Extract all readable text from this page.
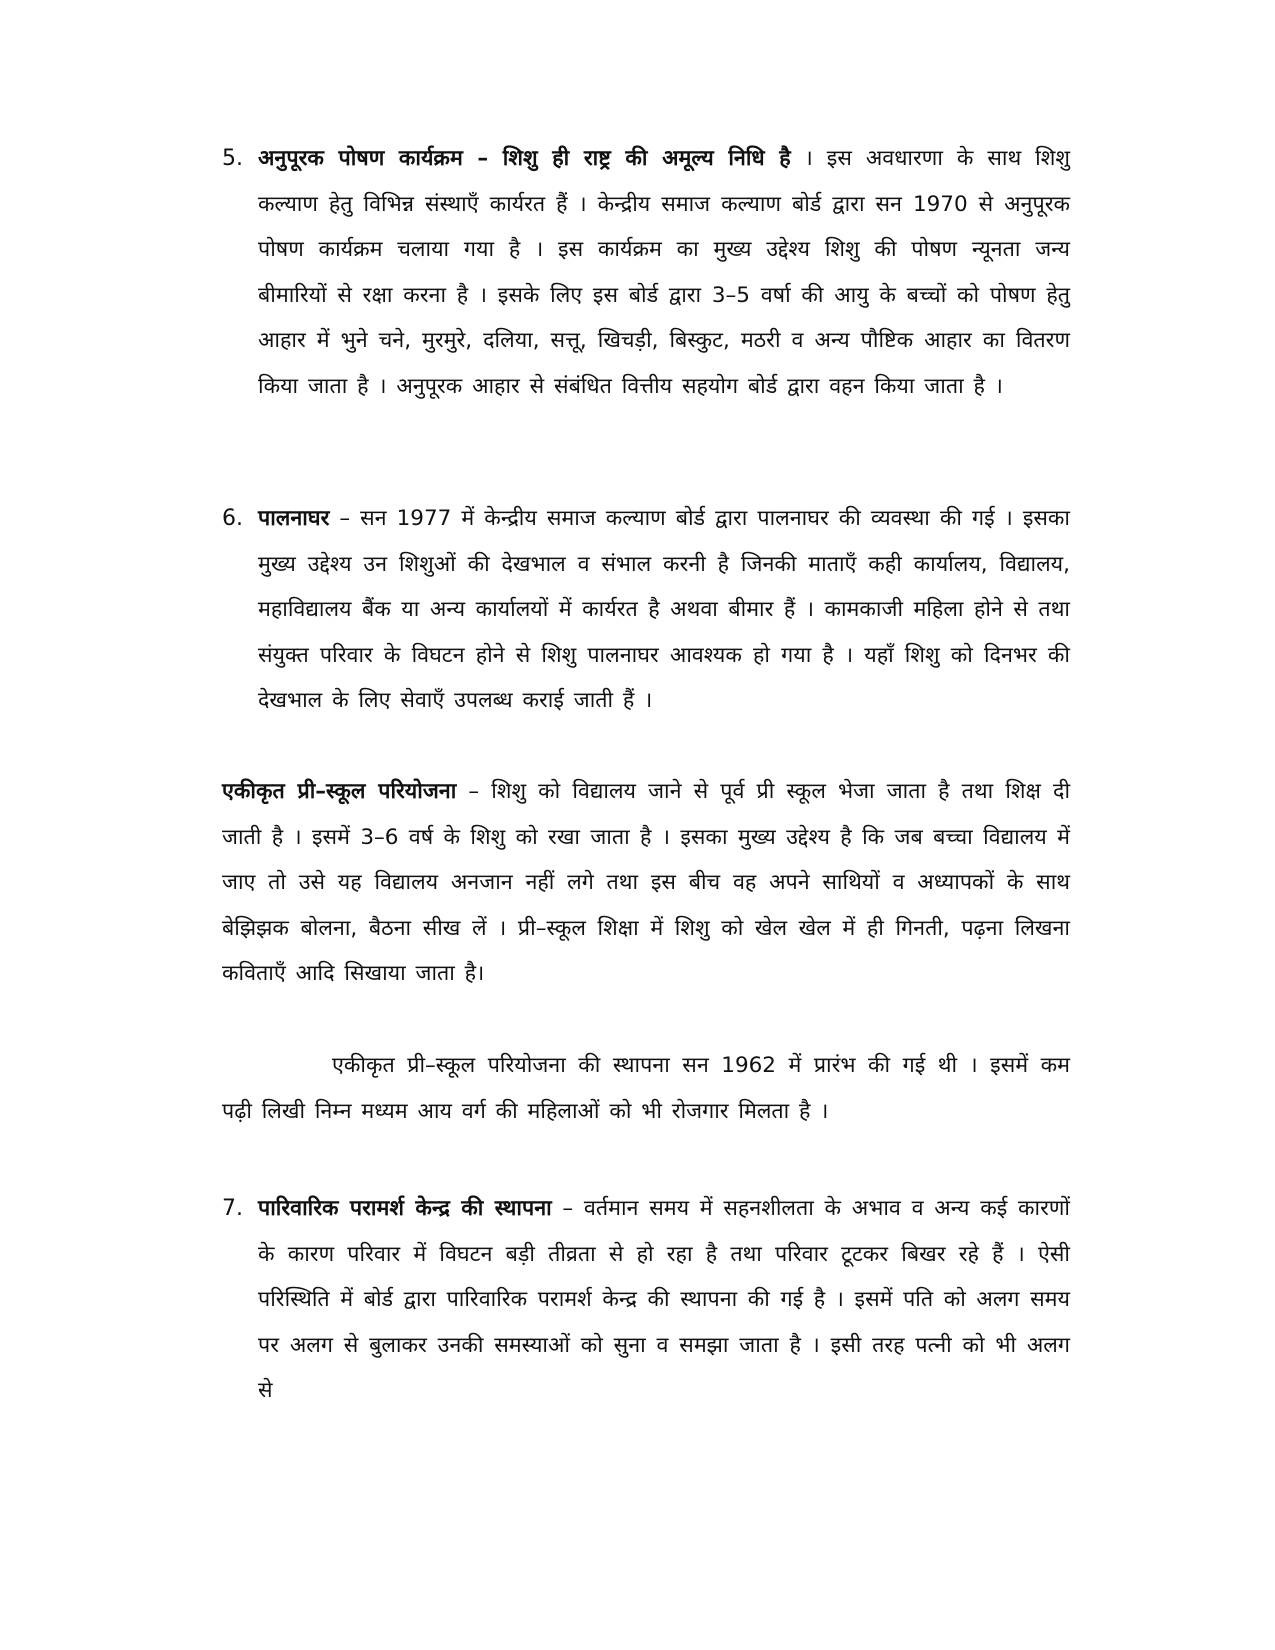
5. अनुपूरक पोषण कार्यक्रम – शिशु ही राष्ट्र की अमूल्य निधि है । इस अवधारणा के साथ शिशु कल्याण हेतु विभिन्न संस्थाएँ कार्यरत हैं । केन्द्रीय समाज कल्याण बोर्ड द्वारा सन 1970 से अनुपूरक पोषण कार्यक्रम चलाया गया है । इस कार्यक्रम का मुख्य उद्देश्य शिशु की पोषण न्यूनता जन्य बीमारियों से रक्षा करना है । इसके लिए इस बोर्ड द्वारा 3–5 वर्षा की आयु के बच्चों को पोषण हेतु आहार में भुने चने, मुरमुरे, दलिया, सत्तू, खिचड़ी, बिस्कुट, मठरी व अन्य पौष्टिक आहार का वितरण किया जाता है । अनुपूरक आहार से संबंधित वित्तीय सहयोग बोर्ड द्वारा वहन किया जाता है ।
6. पालनाघर – सन 1977 में केन्द्रीय समाज कल्याण बोर्ड द्वारा पालनाघर की व्यवस्था की गई । इसका मुख्य उद्देश्य उन शिशुओं की देखभाल व संभाल करनी है जिनकी माताएँ कही कार्यालय, विद्यालय, महाविद्यालय बैंक या अन्य कार्यालयों में कार्यरत है अथवा बीमार हैं । कामकाजी महिला होने से तथा संयुक्त परिवार के विघटन होने से शिशु पालनाघर आवश्यक हो गया है । यहाँ शिशु को दिनभर की देखभाल के लिए सेवाएँ उपलब्ध कराई जाती हैं ।
एकीकृत प्री–स्कूल परियोजना – शिशु को विद्यालय जाने से पूर्व प्री स्कूल भेजा जाता है तथा शिक्ष दी जाती है । इसमें 3–6 वर्ष के शिशु को रखा जाता है । इसका मुख्य उद्देश्य है कि जब बच्चा विद्यालय में जाए तो उसे यह विद्यालय अनजान नहीं लगे तथा इस बीच वह अपने साथियों व अध्यापकों के साथ बेझिझक बोलना, बैठना सीख लें । प्री–स्कूल शिक्षा में शिशु को खेल खेल में ही गिनती, पढ़ना लिखना कविताएँ आदि सिखाया जाता है।
एकीकृत प्री–स्कूल परियोजना की स्थापना सन 1962 में प्रारंभ की गई थी । इसमें कम पढ़ी लिखी निम्न मध्यम आय वर्ग की महिलाओं को भी रोजगार मिलता है ।
7. पारिवारिक परामर्श केन्द्र की स्थापना – वर्तमान समय में सहनशीलता के अभाव व अन्य कई कारणों के कारण परिवार में विघटन बड़ी तीव्रता से हो रहा है तथा परिवार टूटकर बिखर रहे हैं । ऐसी परिस्थिति में बोर्ड द्वारा पारिवारिक परामर्श केन्द्र की स्थापना की गई है । इसमें पति को अलग समय पर अलग से बुलाकर उनकी समस्याओं को सुना व समझा जाता है । इसी तरह पत्नी को भी अलग से
